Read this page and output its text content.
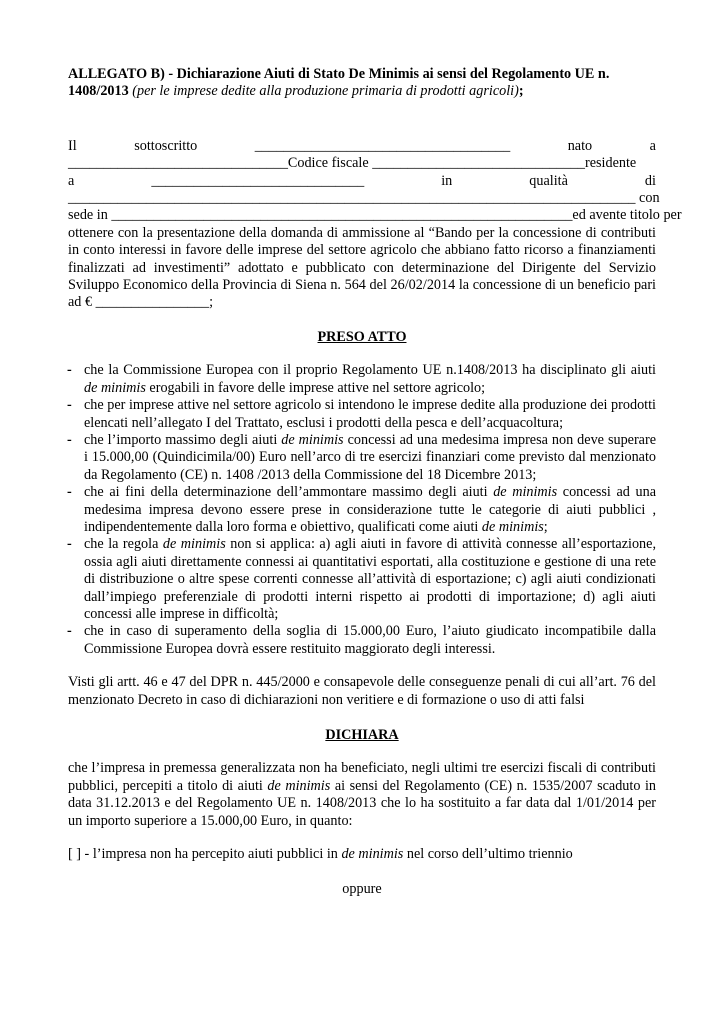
ALLEGATO B) - Dichiarazione Aiuti di Stato De Minimis ai sensi del Regolamento UE n. 1408/2013 (per le imprese dedite alla produzione primaria di prodotti agricoli);
Il	sottoscritto	____________________________________	nato	a
_______________________________Codice fiscale ______________________________residente
a	______________________________	in	qualità	di
________________________________________________________________________________ con
sede in _________________________________________________________________ed avente titolo per
ottenere con la presentazione della domanda di ammissione al “Bando per la concessione di contributi in conto interessi in favore delle imprese del settore agricolo che abbiano fatto ricorso a finanziamenti finalizzati ad investimenti” adottato e pubblicato con determinazione del Dirigente del Servizio Sviluppo Economico della Provincia di Siena n. 564 del 26/02/2014 la concessione di un beneficio pari ad € ________________;
PRESO ATTO
- che la Commissione Europea con il proprio Regolamento UE n.1408/2013 ha disciplinato gli aiuti de minimis erogabili in favore delle imprese attive nel settore agricolo;
- che per imprese attive nel settore agricolo si intendono le imprese dedite alla produzione dei prodotti elencati nell’allegato I del Trattato, esclusi i prodotti della pesca e dell’acquacoltura;
- che l’importo massimo degli aiuti de minimis concessi ad una medesima impresa non deve superare i 15.000,00 (Quindicimila/00) Euro nell’arco di tre esercizi finanziari come previsto dal menzionato da Regolamento (CE) n. 1408 /2013 della Commissione del 18 Dicembre 2013;
- che ai fini della determinazione dell’ammontare massimo degli aiuti de minimis concessi ad una medesima impresa devono essere prese in considerazione tutte le categorie di aiuti pubblici , indipendentemente dalla loro forma e obiettivo, qualificati come aiuti de minimis;
- che la regola de minimis non si applica: a) agli aiuti in favore di attività connesse all’esportazione, ossia agli aiuti direttamente connessi ai quantitativi esportati, alla costituzione e gestione di una rete di distribuzione o altre spese correnti connesse all’attività di esportazione; c) agli aiuti condizionati dall’impiego preferenziale di prodotti interni rispetto ai prodotti di importazione; d) agli aiuti concessi alle imprese in difficoltà;
- che in caso di superamento della soglia di 15.000,00 Euro, l’aiuto giudicato incompatibile dalla Commissione Europea dovrà essere restituito maggiorato degli interessi.
Visti gli artt. 46 e 47 del DPR n. 445/2000 e consapevole delle conseguenze penali di cui all’art. 76 del menzionato Decreto in caso di dichiarazioni non veritiere e di formazione o uso di atti falsi
DICHIARA
che l’impresa in premessa generalizzata non ha beneficiato, negli ultimi tre esercizi fiscali di contributi pubblici, percepiti a titolo di aiuti de minimis ai sensi del Regolamento (CE) n. 1535/2007 scaduto in data 31.12.2013 e del Regolamento UE n. 1408/2013 che lo ha sostituito a far data dal 1/01/2014 per un importo superiore a 15.000,00 Euro, in quanto:
[ ] - l’impresa non ha percepito aiuti pubblici in de minimis nel corso dell’ultimo triennio
oppure
